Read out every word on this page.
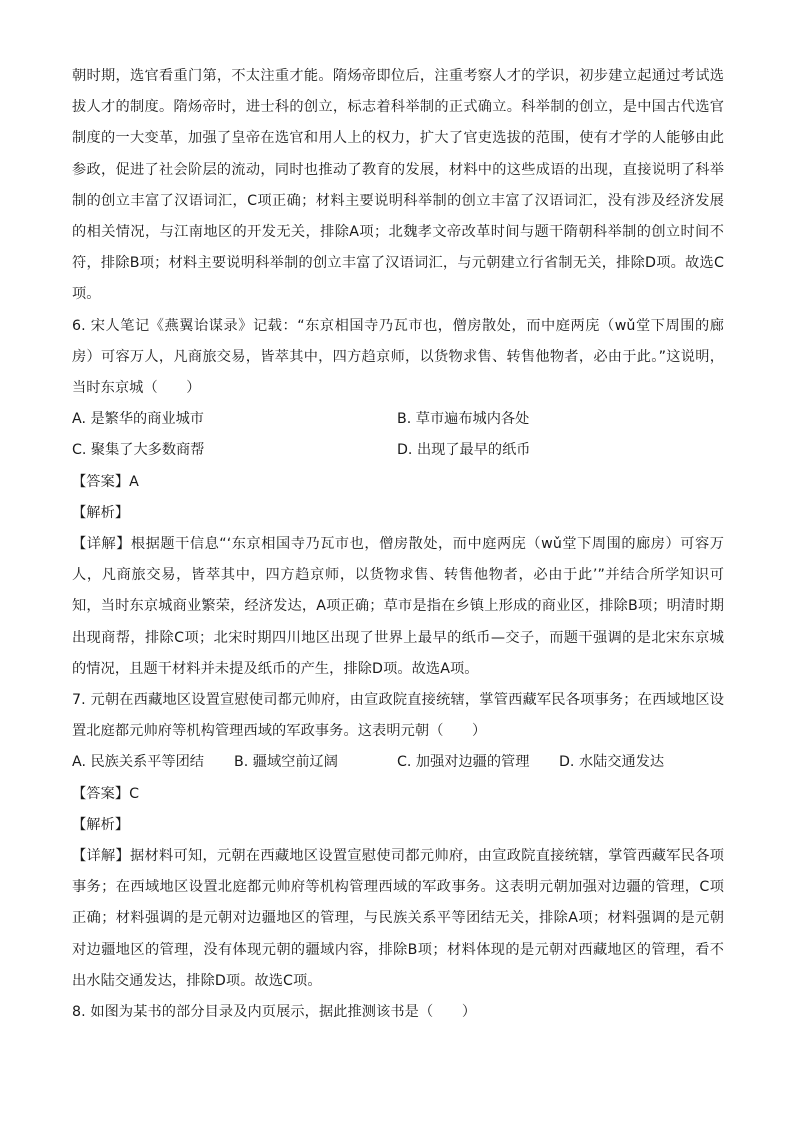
朝时期，选官看重门第，不太注重才能。隋炀帝即位后，注重考察人才的学识，初步建立起通过考试选拔人才的制度。隋炀帝时，进士科的创立，标志着科举制的正式确立。科举制的创立，是中国古代选官制度的一大变革，加强了皇帝在选官和用人上的权力，扩大了官吏选拔的范围，使有才学的人能够由此参政，促进了社会阶层的流动，同时也推动了教育的发展，材料中的这些成语的出现，直接说明了科举制的创立丰富了汉语词汇，C项正确；材料主要说明科举制的创立丰富了汉语词汇，没有涉及经济发展的相关情况，与江南地区的开发无关，排除A项；北魏孝文帝改革时间与题干隋朝科举制的创立时间不符，排除B项；材料主要说明科举制的创立丰富了汉语词汇，与元朝建立行省制无关，排除D项。故选C项。

6. 宋人笔记《燕翼诒谋录》记载：“东京相国寺乃瓦市也，僧房散处，而中庭两庑（wǔ堂下周围的廊房）可容万人，凡商旅交易，皆萃其中，四方趋京师，以货物求售、转售他物者，必由于此。”这说明，当时东京城（　　）

A. 是繁华的商业城市	B. 草市遍布城内各处
C. 聚集了大多数商帮	D. 出现了最早的纸币

【答案】A

【解析】

【详解】根据题干信息“‘东京相国寺乃瓦市也，僧房散处，而中庭两庑（wǔ堂下周围的廊房）可容万人，凡商旅交易，皆萃其中，四方趋京师，以货物求售、转售他物者，必由于此’”并结合所学知识可知，当时东京城商业繁荣，经济发达，A项正确；草市是指在乡镇上形成的商业区，排除B项；明清时期出现商帮，排除C项；北宋时期四川地区出现了世界上最早的纸币—交子，而题干强调的是北宋东京城的情况，且题干材料并未提及纸币的产生，排除D项。故选A项。

7. 元朝在西藏地区设置宣慰使司都元帅府，由宣政院直接统辖，掌管西藏军民各项事务；在西域地区设置北庭都元帅府等机构管理西域的军政事务。这表明元朝（　　）

A. 民族关系平等团结	B. 疆域空前辽阔	C. 加强对边疆的管理	D. 水陆交通发达

【答案】C

【解析】

【详解】据材料可知，元朝在西藏地区设置宣慰使司都元帅府，由宣政院直接统辖，掌管西藏军民各项事务；在西域地区设置北庭都元帅府等机构管理西域的军政事务。这表明元朝加强对边疆的管理，C项正确；材料强调的是元朝对边疆地区的管理，与民族关系平等团结无关，排除A项；材料强调的是元朝对边疆地区的管理，没有体现元朝的疆域内容，排除B项；材料体现的是元朝对西藏地区的管理，看不出水陆交通发达，排除D项。故选C项。

8. 如图为某书的部分目录及内页展示，据此推测该书是（　　）
